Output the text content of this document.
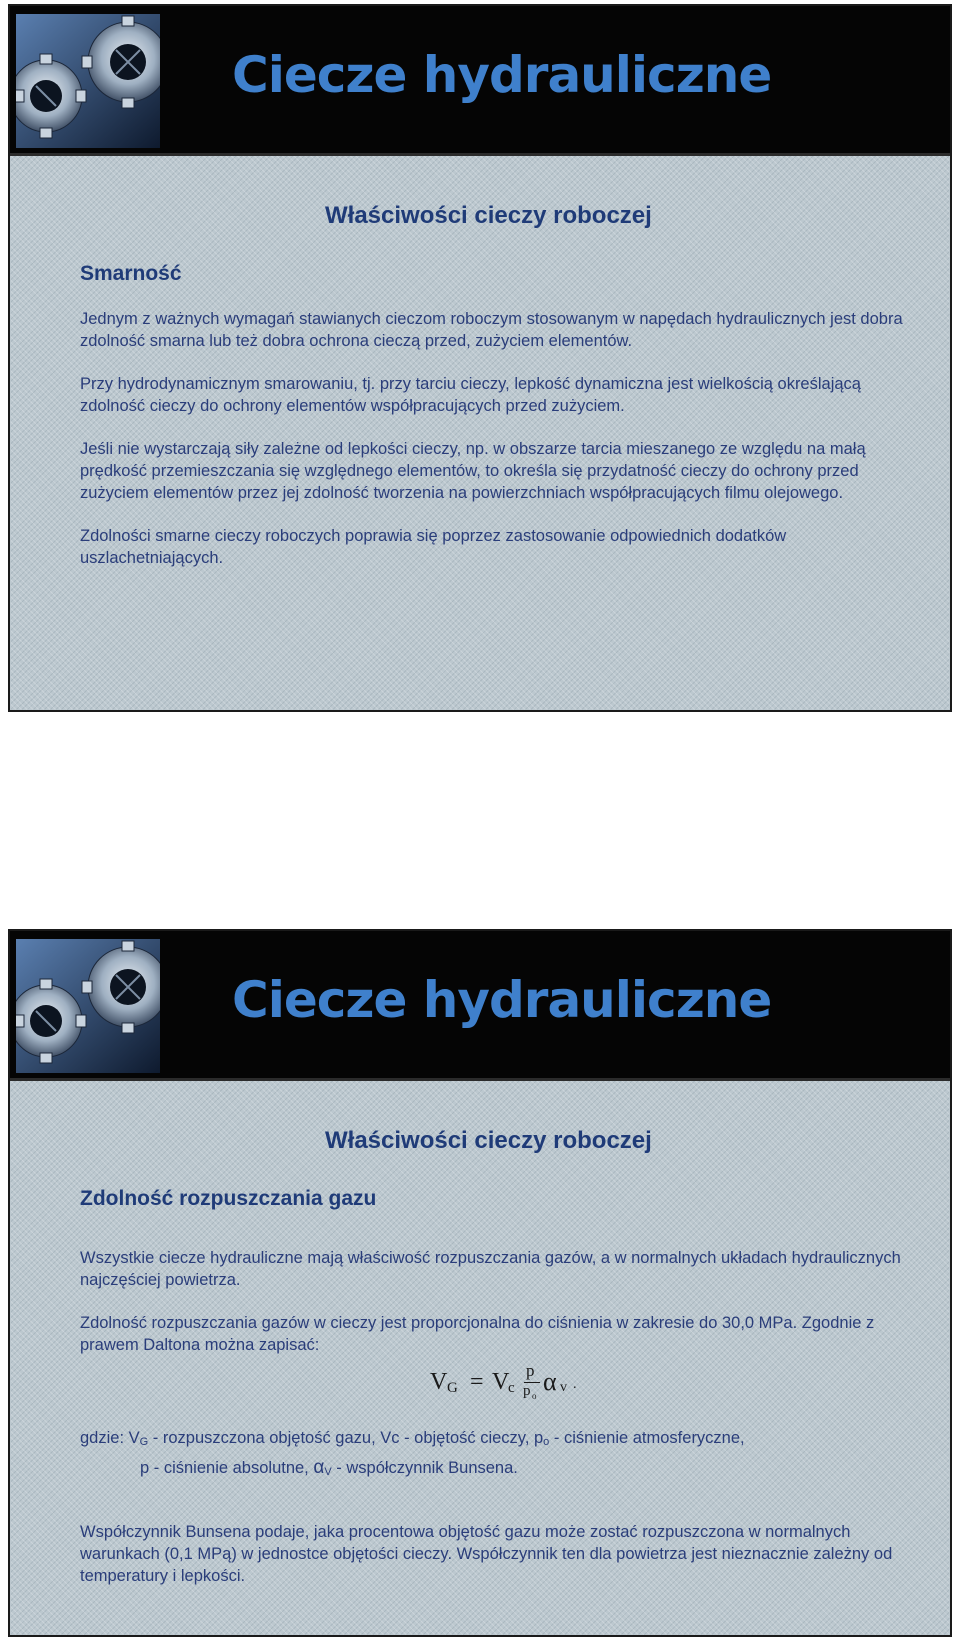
Ciecze hydrauliczne
Właściwości cieczy roboczej
Smarność

Jednym z ważnych wymagań stawianych cieczom roboczym stosowanym w napędach hydraulicznych jest dobra zdolność smarna lub też dobra ochrona cieczą przed, zużyciem elementów.

Przy hydrodynamicznym smarowaniu, tj. przy tarciu cieczy, lepkość dynamiczna jest wielkością określającą zdolność cieczy do ochrony elementów współpracujących przed zużyciem.

Jeśli nie wystarczają siły zależne od lepkości cieczy, np. w obszarze tarcia mieszanego ze względu na małą prędkość przemieszczania się względnego elementów, to określa się przydatność cieczy do ochrony przed zużyciem elementów przez jej zdolność tworzenia na powierzchniach współpracujących filmu olejowego.

Zdolności smarne cieczy roboczych poprawia się poprzez zastosowanie odpowiednich dodatków uszlachetniających.

Ciecze hydrauliczne
Właściwości cieczy roboczej
Zdolność rozpuszczania gazu

Wszystkie ciecze hydrauliczne mają właściwość rozpuszczania gazów, a w normalnych układach hydraulicznych najczęściej powietrza.

Zdolność rozpuszczania gazów w cieczy jest proporcjonalna do ciśnienia w zakresie do 30,0 MPa. Zgodnie z prawem Daltona można zapisać:

V G = V
c
p
p o α v .

gdzie: $V_G$ - rozpuszczona objętość gazu, Vc - objętość cieczy, $p_o$ - ciśnienie atmosferyczne,

p - ciśnienie absolutne, $\alpha_V$ - współczynnik Bunsena.

Współczynnik Bunsena podaje, jaka procentowa objętość gazu może zostać rozpuszczona w normalnych warunkach (0,1 MPą) w jednostce objętości cieczy. Współczynnik ten dla powietrza jest nieznacznie zależny od temperatury i lepkości.
